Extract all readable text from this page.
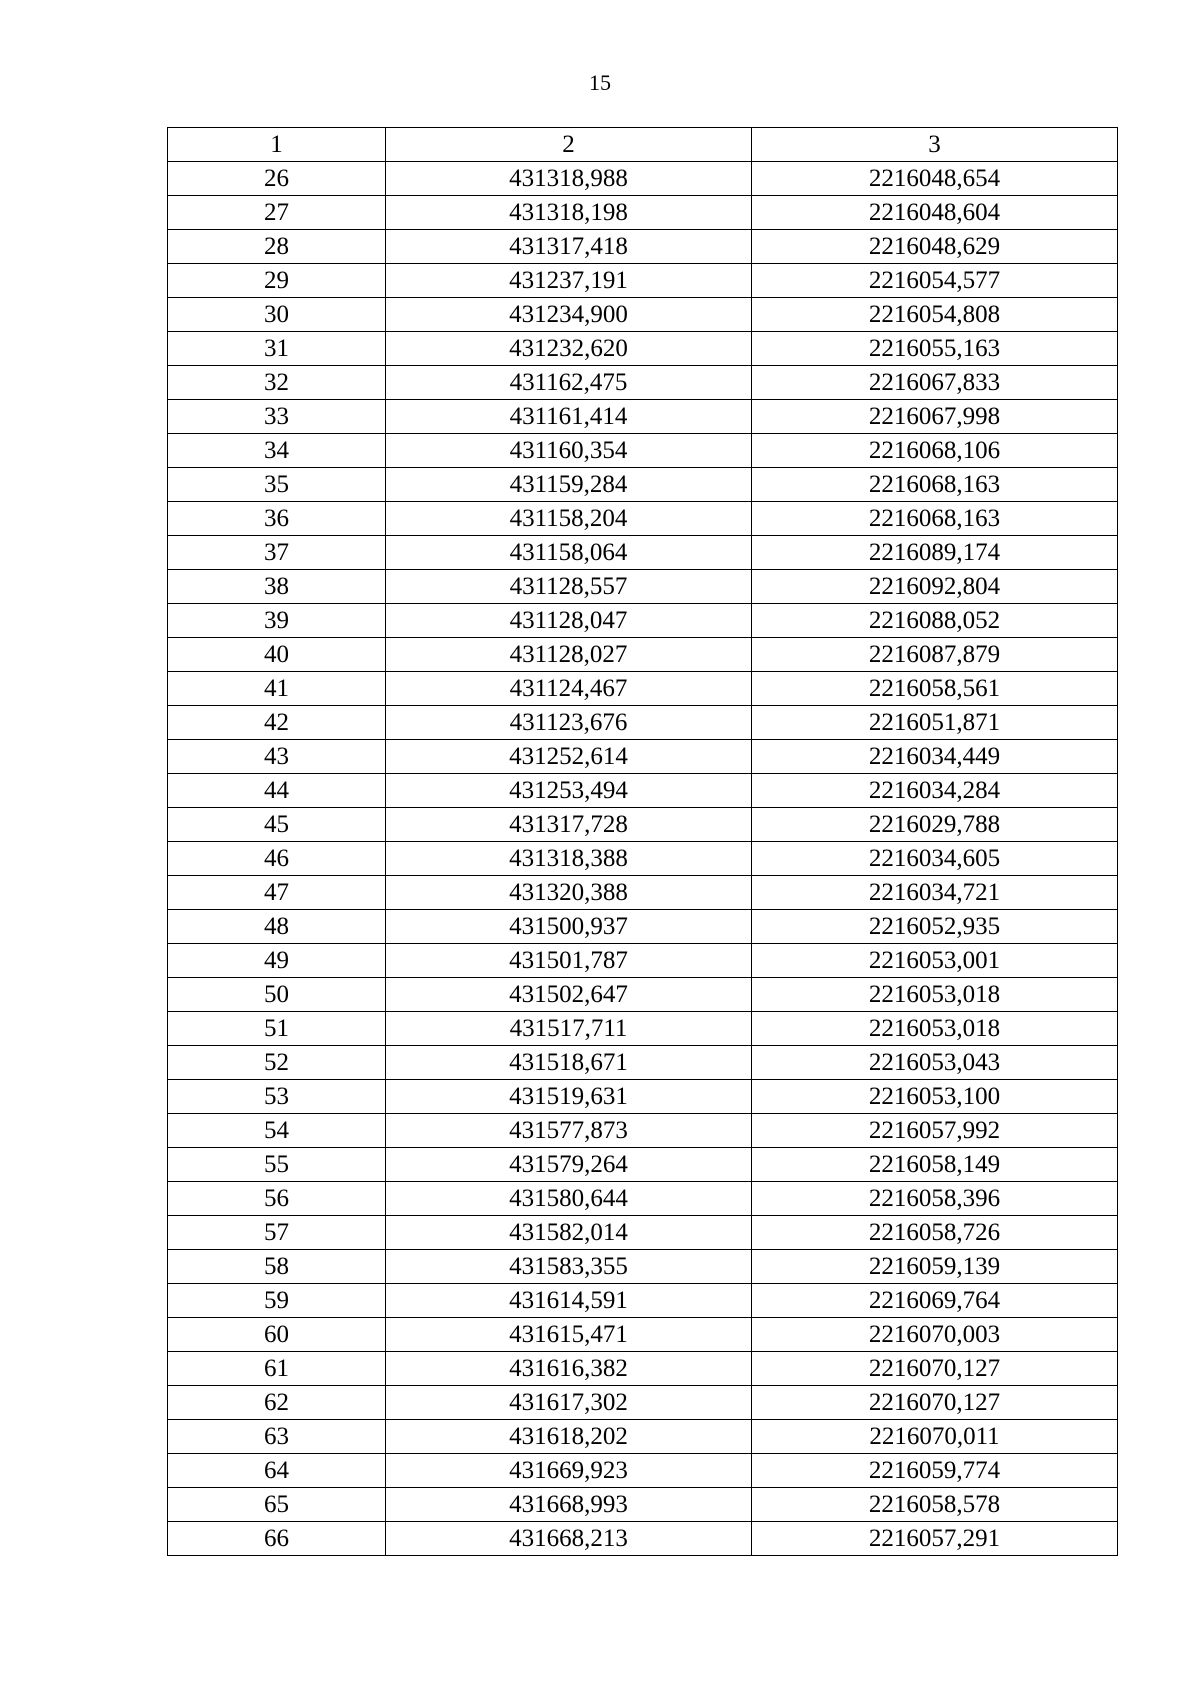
15
1	2	3
26	431318,988	2216048,654
27	431318,198	2216048,604
28	431317,418	2216048,629
29	431237,191	2216054,577
30	431234,900	2216054,808
31	431232,620	2216055,163
32	431162,475	2216067,833
33	431161,414	2216067,998
34	431160,354	2216068,106
35	431159,284	2216068,163
36	431158,204	2216068,163
37	431158,064	2216089,174
38	431128,557	2216092,804
39	431128,047	2216088,052
40	431128,027	2216087,879
41	431124,467	2216058,561
42	431123,676	2216051,871
43	431252,614	2216034,449
44	431253,494	2216034,284
45	431317,728	2216029,788
46	431318,388	2216034,605
47	431320,388	2216034,721
48	431500,937	2216052,935
49	431501,787	2216053,001
50	431502,647	2216053,018
51	431517,711	2216053,018
52	431518,671	2216053,043
53	431519,631	2216053,100
54	431577,873	2216057,992
55	431579,264	2216058,149
56	431580,644	2216058,396
57	431582,014	2216058,726
58	431583,355	2216059,139
59	431614,591	2216069,764
60	431615,471	2216070,003
61	431616,382	2216070,127
62	431617,302	2216070,127
63	431618,202	2216070,011
64	431669,923	2216059,774
65	431668,993	2216058,578
66	431668,213	2216057,291
